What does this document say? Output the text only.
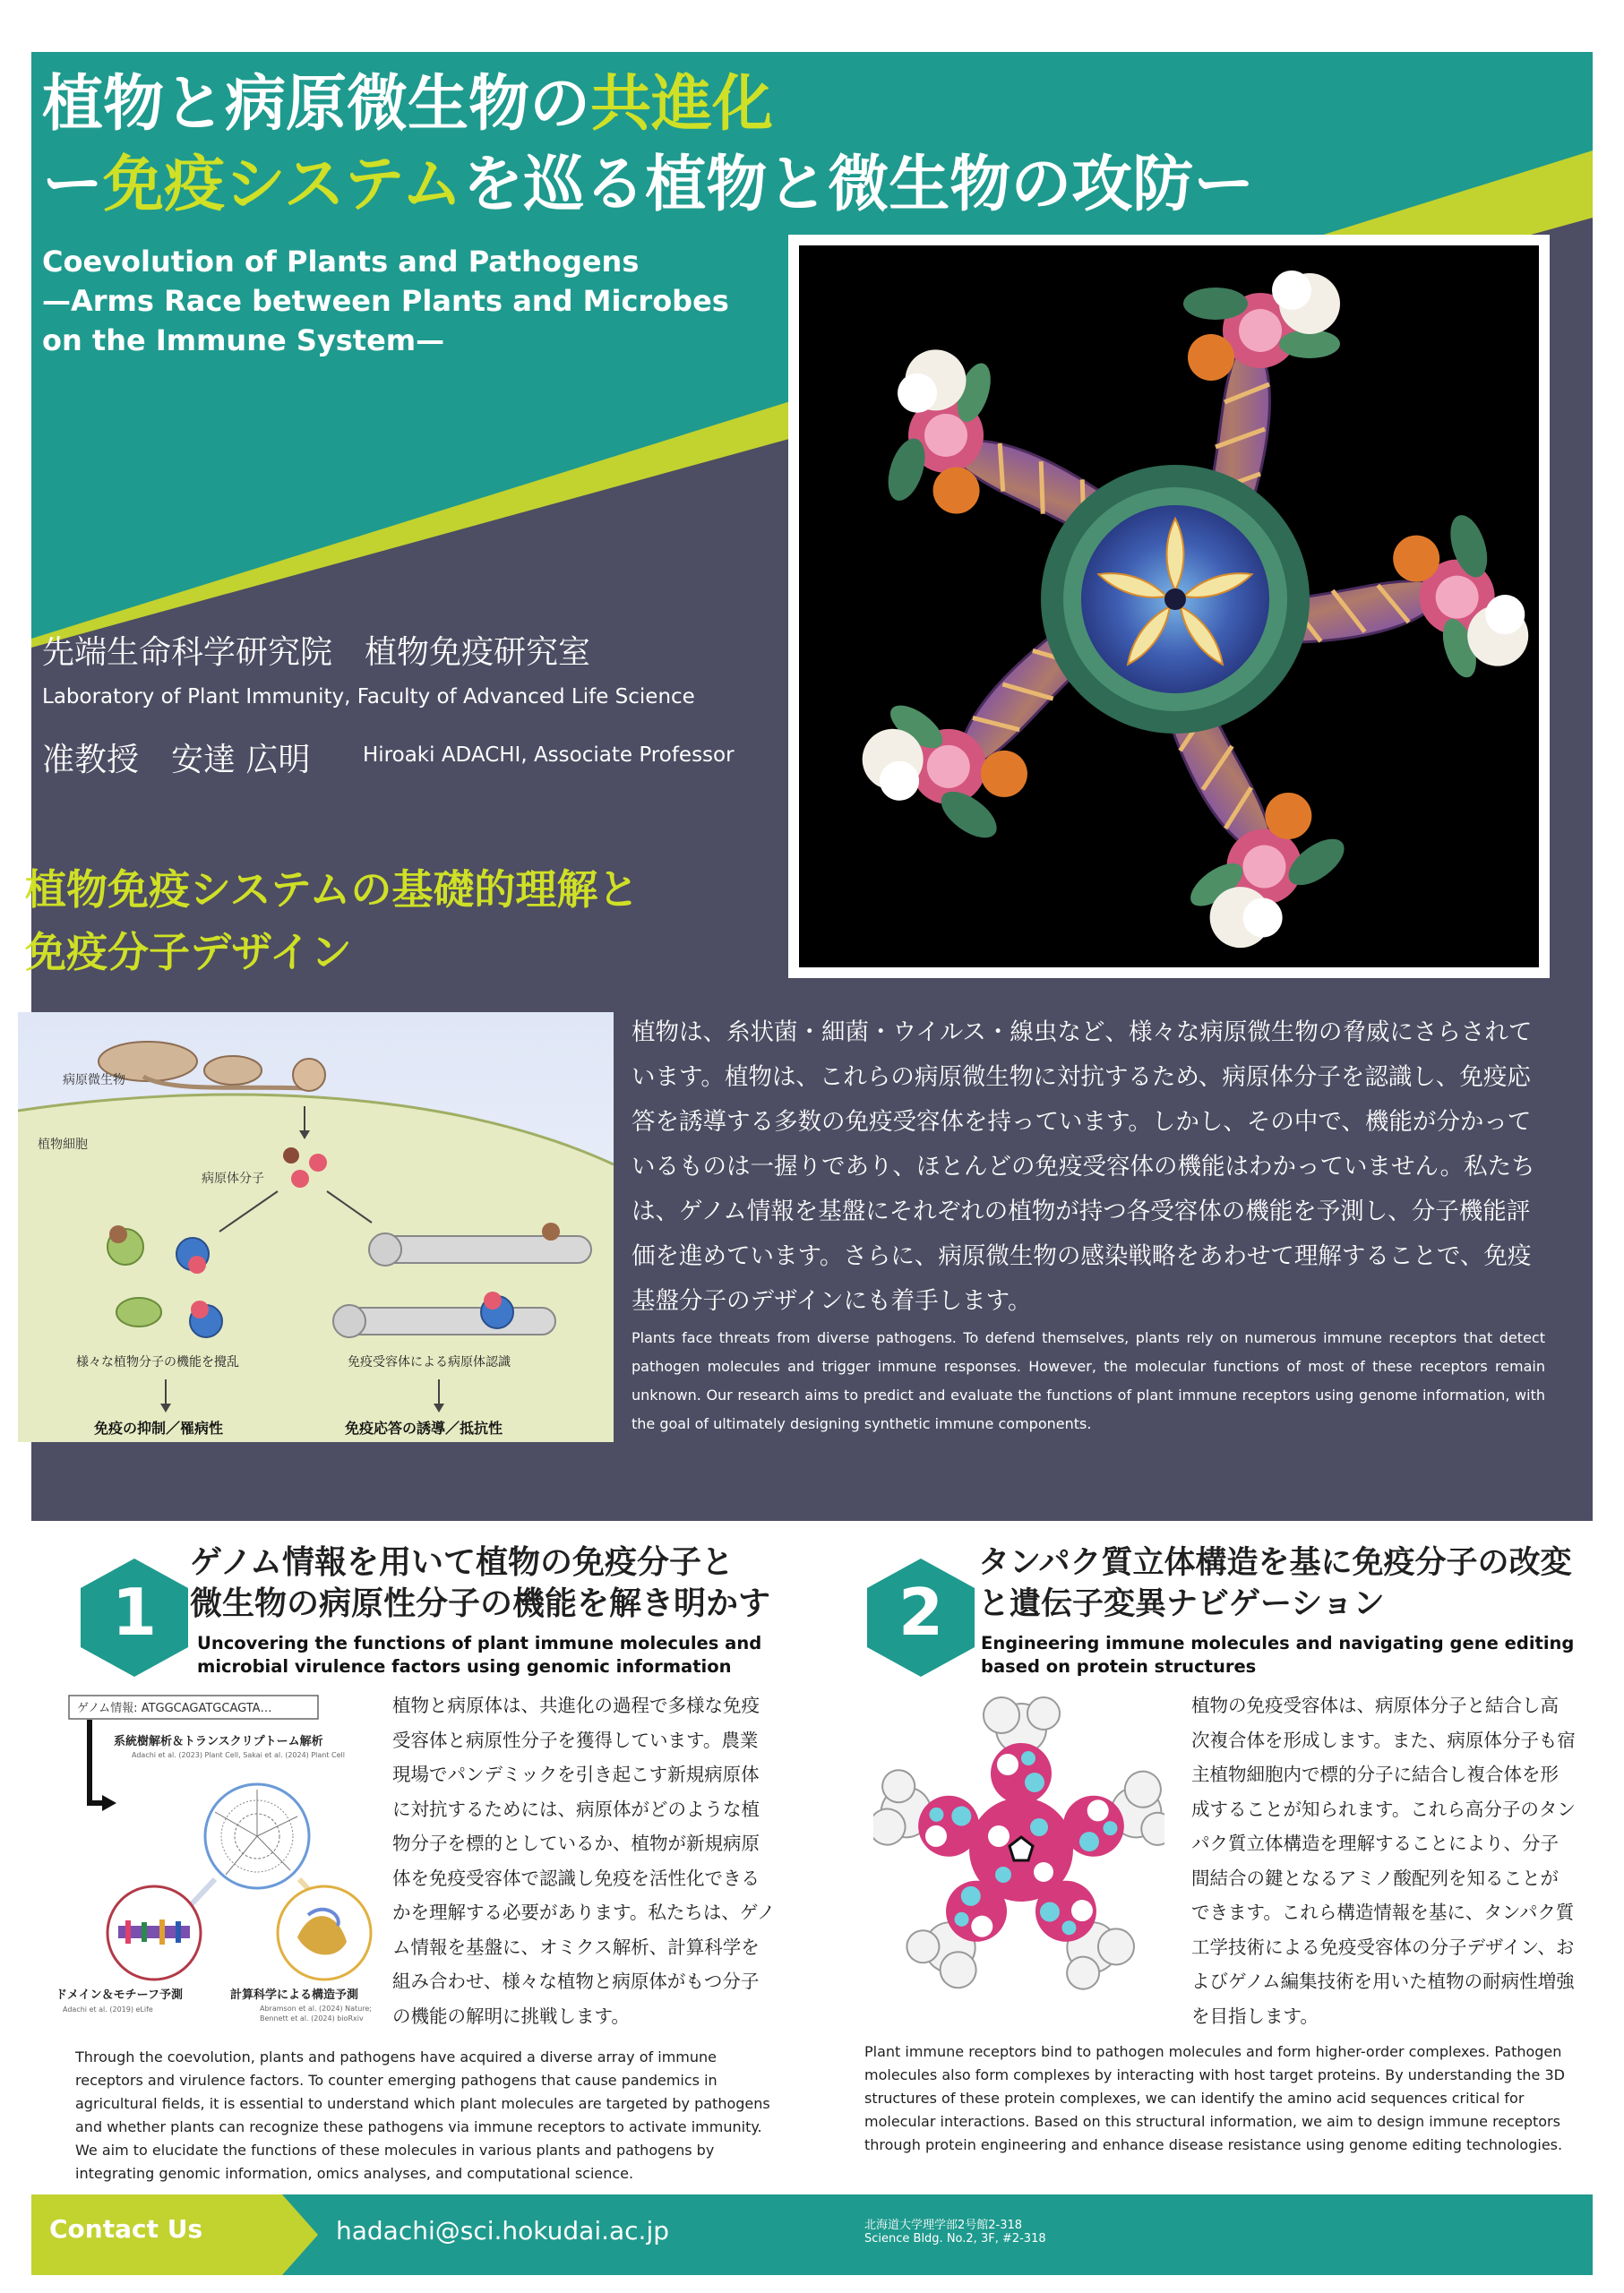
植物と病原微生物の共進化
ー免疫システムを巡る植物と微生物の攻防ー
Coevolution of Plants and Pathogens
—Arms Race between Plants and Microbes
on the Immune System—
先端生命科学研究院　植物免疫研究室
Laboratory of Plant Immunity, Faculty of Advanced Life Science
准教授　安達 広明	Hiroaki ADACHI, Associate Professor
植物免疫システムの基礎的理解と
免疫分子デザイン
病原微生物
植物細胞
病原体分子
様々な植物分子の機能を攪乱	免疫受容体による病原体認識
免疫の抑制／罹病性	免疫応答の誘導／抵抗性
植物は、糸状菌・細菌・ウイルス・線虫など、様々な病原微生物の脅威にさらされています。植物は、これらの病原微生物に対抗するため、病原体分子を認識し、免疫応答を誘導する多数の免疫受容体を持っています。しかし、その中で、機能が分かっているものは一握りであり、ほとんどの免疫受容体の機能はわかっていません。私たちは、ゲノム情報を基盤にそれぞれの植物が持つ各受容体の機能を予測し、分子機能評価を進めています。さらに、病原微生物の感染戦略をあわせて理解することで、免疫基盤分子のデザインにも着手します。
Plants face threats from diverse pathogens. To defend themselves, plants rely on numerous immune receptors that detect pathogen molecules and trigger immune responses. However, the molecular functions of most of these receptors remain unknown. Our research aims to predict and evaluate the functions of plant immune receptors using genome information, with the goal of ultimately designing synthetic immune components.
1
ゲノム情報を用いて植物の免疫分子と
微生物の病原性分子の機能を解き明かす
Uncovering the functions of plant immune molecules and
microbial virulence factors using genomic information
ゲノム情報: ATGGCAGATGCAGTA…
系統樹解析＆トランスクリプトーム解析
Adachi et al. (2023) Plant Cell, Sakai et al. (2024) Plant Cell
ドメイン＆モチーフ予測
Adachi et al. (2019) eLife
計算科学による構造予測
Abramson et al. (2024) Nature;
Bennett et al. (2024) bioRxiv
植物と病原体は、共進化の過程で多様な免疫受容体と病原性分子を獲得しています。農業現場でパンデミックを引き起こす新規病原体に対抗するためには、病原体がどのような植物分子を標的としているか、植物が新規病原体を免疫受容体で認識し免疫を活性化できるかを理解する必要があります。私たちは、ゲノム情報を基盤に、オミクス解析、計算科学を組み合わせ、様々な植物と病原体がもつ分子の機能の解明に挑戦します。
Through the coevolution, plants and pathogens have acquired a diverse array of immune receptors and virulence factors. To counter emerging pathogens that cause pandemics in agricultural fields, it is essential to understand which plant molecules are targeted by pathogens and whether plants can recognize these pathogens via immune receptors to activate immunity. We aim to elucidate the functions of these molecules in various plants and pathogens by integrating genomic information, omics analyses, and computational science.
2
タンパク質立体構造を基に免疫分子の改変
と遺伝子変異ナビゲーション
Engineering immune molecules and navigating gene editing
based on protein structures
植物の免疫受容体は、病原体分子と結合し高次複合体を形成します。また、病原体分子も宿主植物細胞内で標的分子に結合し複合体を形成することが知られます。これら高分子のタンパク質立体構造を理解することにより、分子間結合の鍵となるアミノ酸配列を知ることができます。これら構造情報を基に、タンパク質工学技術による免疫受容体の分子デザイン、およびゲノム編集技術を用いた植物の耐病性増強を目指します。
Plant immune receptors bind to pathogen molecules and form higher-order complexes. Pathogen molecules also form complexes by interacting with host target proteins. By understanding the 3D structures of these protein complexes, we can identify the amino acid sequences critical for molecular interactions. Based on this structural information, we aim to design immune receptors through protein engineering and enhance disease resistance using genome editing technologies.
Contact Us	hadachi@sci.hokudai.ac.jp	北海道大学理学部2号館2-318
Science Bldg. No.2, 3F, #2-318
